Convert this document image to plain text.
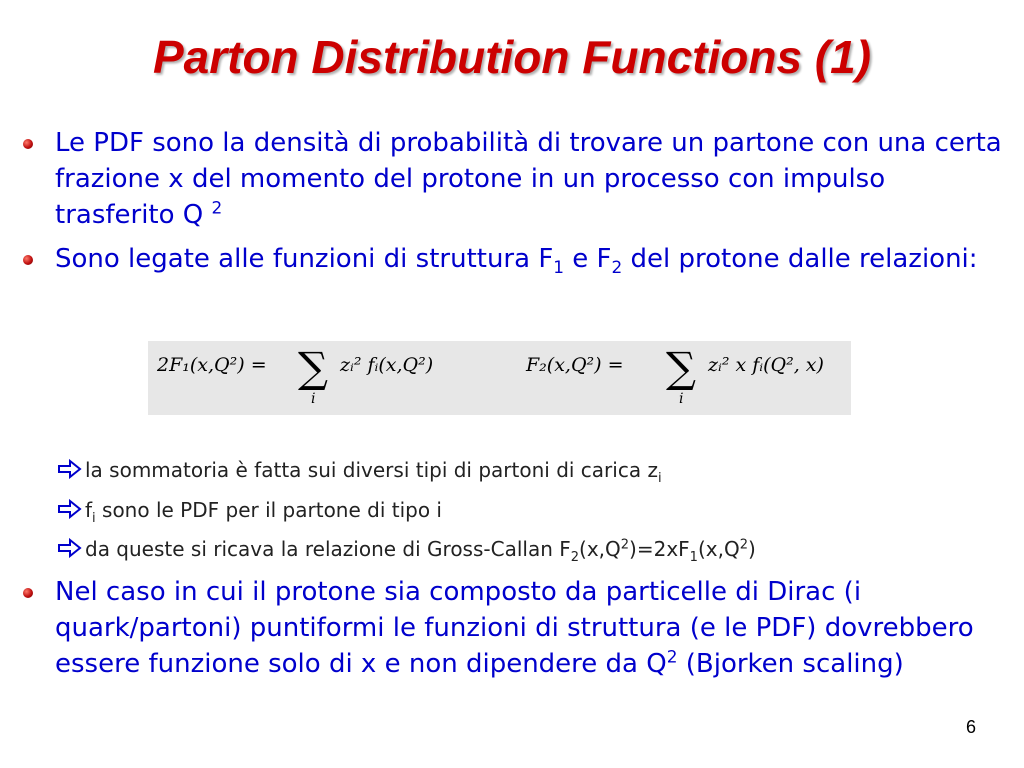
Parton Distribution Functions (1)
Le PDF sono la densità di probabilità di trovare un partone con una certa frazione x del momento del protone in un processo con impulso trasferito Q $^2$
Sono legate alle funzioni di struttura $F_1$ e $F_2$ del protone dalle relazioni:
2F₁(x,Q²) = ∑
i
zᵢ² fᵢ(x,Q²)	F₂(x,Q²) = ∑
i
zᵢ² x fᵢ(Q², x)
la sommatoria è fatta sui diversi tipi di partoni di carica $z_i$
$f_i$ sono le PDF per il partone di tipo i
da queste si ricava la relazione di Gross-Callan $F_2(x,Q^2)=2xF_1(x,Q^2)$
Nel caso in cui il protone sia composto da particelle di Dirac (i quark/partoni) puntiformi le funzioni di struttura (e le PDF) dovrebbero essere funzione solo di x e non dipendere da $Q^2$ (Bjorken scaling)
6
